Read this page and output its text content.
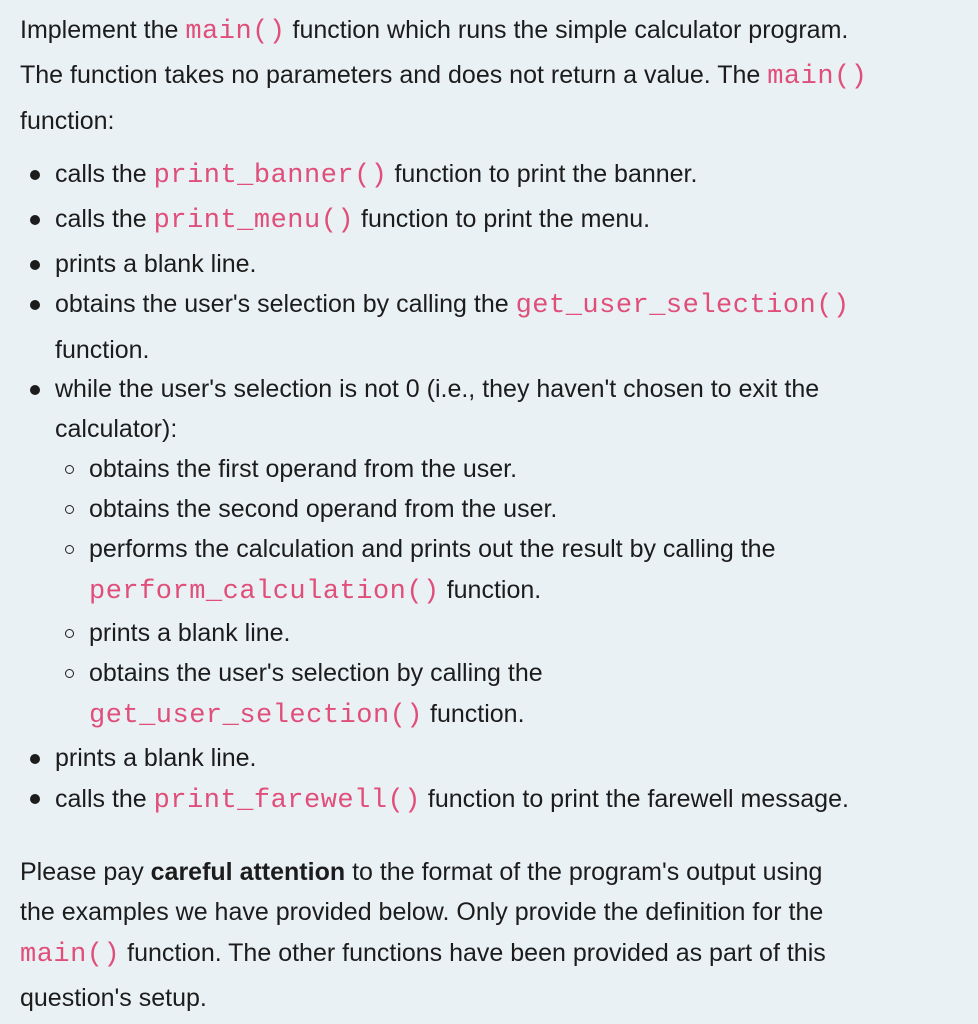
Implement the main() function which runs the simple calculator program.
The function takes no parameters and does not return a value. The main()
function:
calls the print_banner() function to print the banner.
calls the print_menu() function to print the menu.
prints a blank line.
obtains the user's selection by calling the get_user_selection()
function.
while the user's selection is not 0 (i.e., they haven't chosen to exit the
calculator):
obtains the first operand from the user.
obtains the second operand from the user.
performs the calculation and prints out the result by calling the
perform_calculation() function.
prints a blank line.
obtains the user's selection by calling the
get_user_selection() function.
prints a blank line.
calls the print_farewell() function to print the farewell message.
Please pay careful attention to the format of the program's output using
the examples we have provided below. Only provide the definition for the
main() function. The other functions have been provided as part of this
question's setup.
